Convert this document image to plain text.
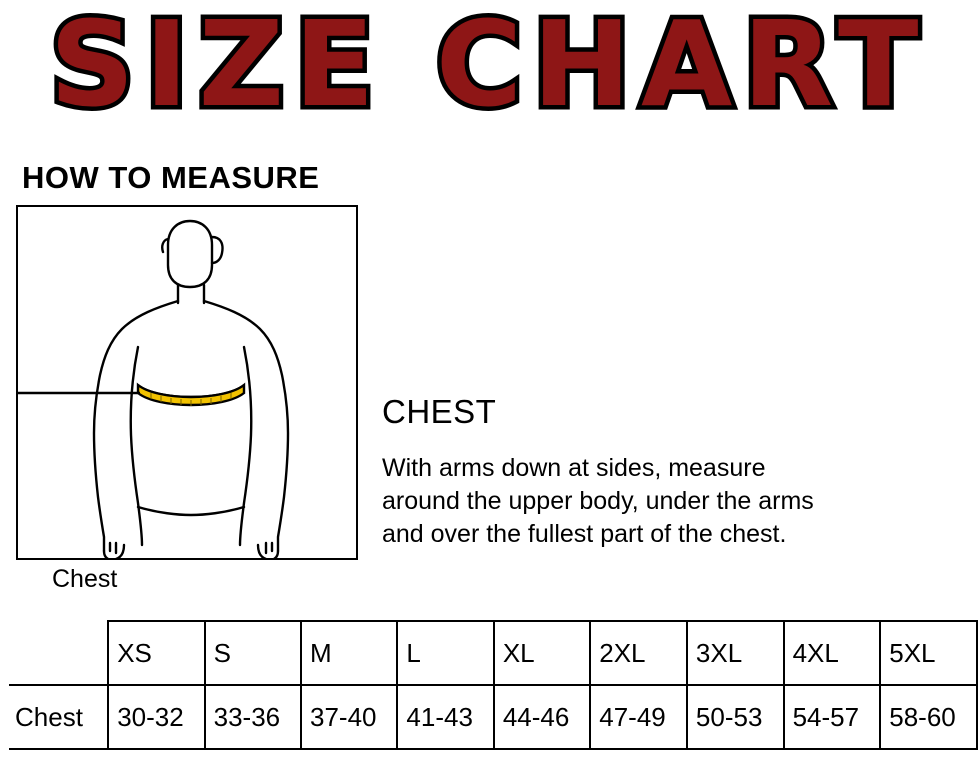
SIZE CHART
HOW TO MEASURE
Chest
CHEST
With arms down at sides, measure
around the upper body, under the arms
and over the fullest part of the chest.
	XS	S	M	L	XL	2XL	3XL	4XL	5XL
Chest	30-32	33-36	37-40	41-43	44-46	47-49	50-53	54-57	58-60
